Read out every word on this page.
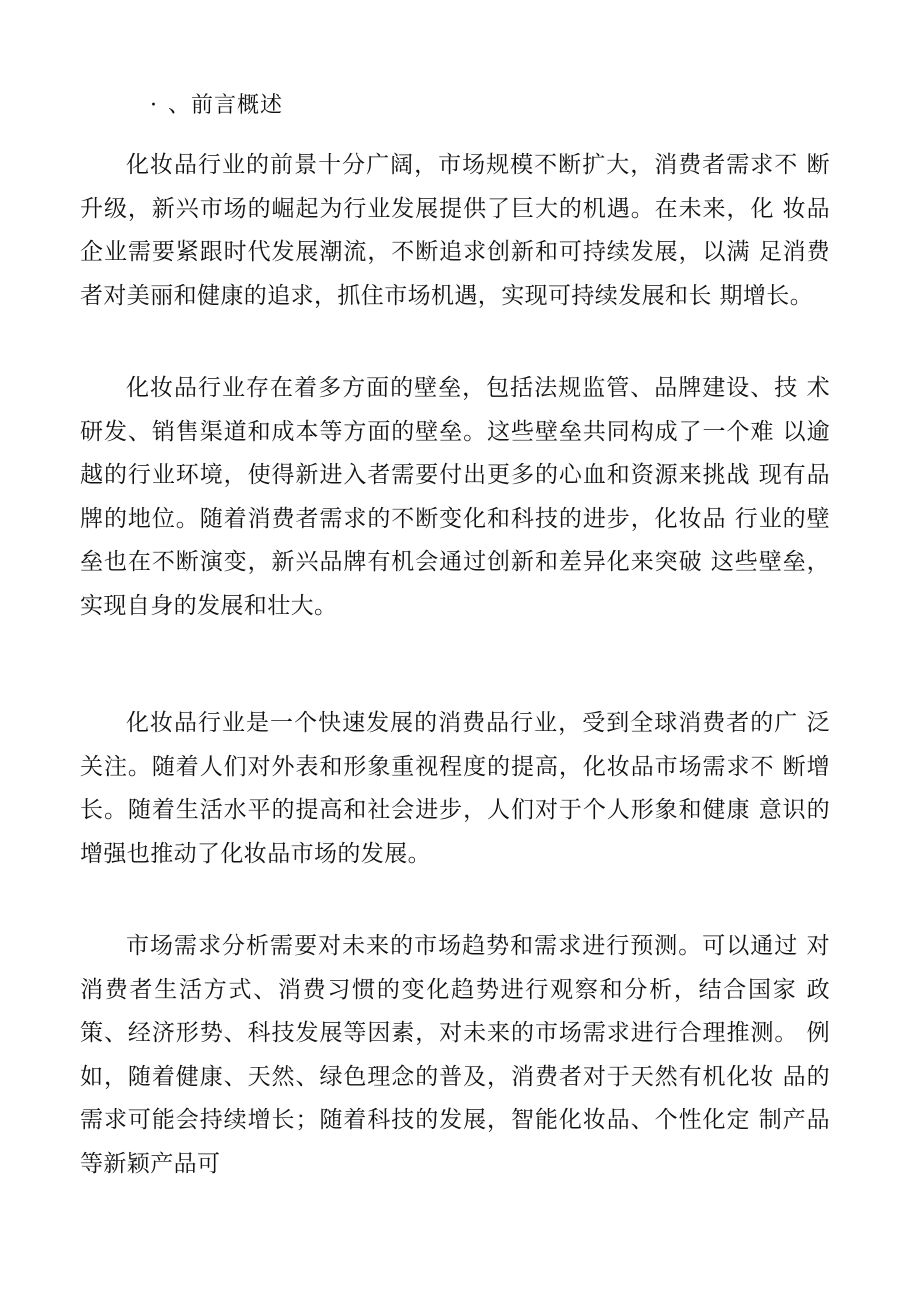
· 、前言概述

化妆品行业的前景十分广阔，市场规模不断扩大，消费者需求不 断升级，新兴市场的崛起为行业发展提供了巨大的机遇。在未来，化 妆品企业需要紧跟时代发展潮流，不断追求创新和可持续发展，以满 足消费者对美丽和健康的追求，抓住市场机遇，实现可持续发展和长 期增长。

化妆品行业存在着多方面的壁垒，包括法规监管、品牌建设、技 术研发、销售渠道和成本等方面的壁垒。这些壁垒共同构成了一个难 以逾越的行业环境，使得新进入者需要付出更多的心血和资源来挑战 现有品牌的地位。随着消费者需求的不断变化和科技的进步，化妆品 行业的壁垒也在不断演变，新兴品牌有机会通过创新和差异化来突破 这些壁垒，实现自身的发展和壮大。

化妆品行业是一个快速发展的消费品行业，受到全球消费者的广 泛关注。随着人们对外表和形象重视程度的提高，化妆品市场需求不 断增长。随着生活水平的提高和社会进步，人们对于个人形象和健康 意识的增强也推动了化妆品市场的发展。

市场需求分析需要对未来的市场趋势和需求进行预测。可以通过 对消费者生活方式、消费习惯的变化趋势进行观察和分析，结合国家 政策、经济形势、科技发展等因素，对未来的市场需求进行合理推测。 例如，随着健康、天然、绿色理念的普及，消费者对于天然有机化妆 品的需求可能会持续增长；随着科技的发展，智能化妆品、个性化定 制产品等新颖产品可
